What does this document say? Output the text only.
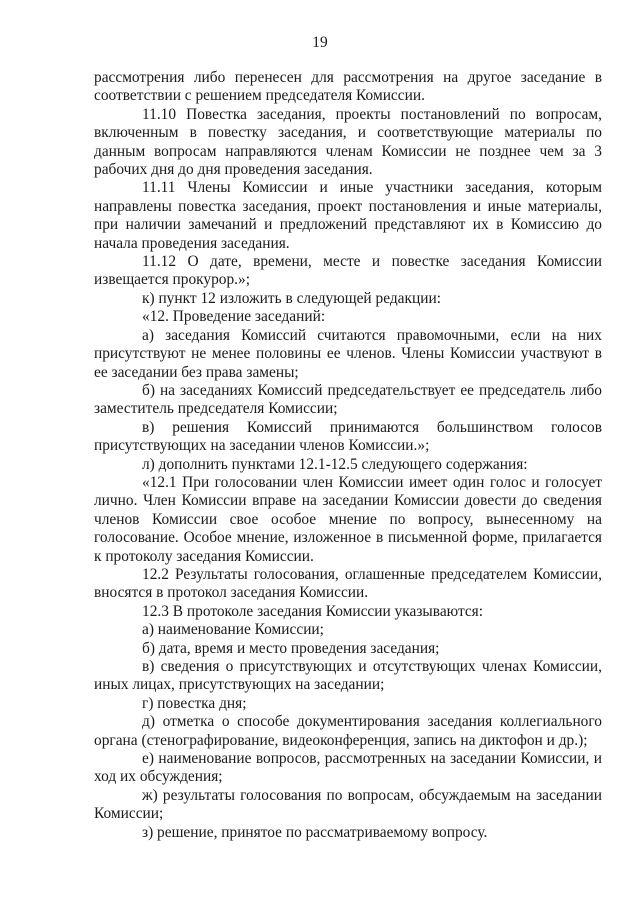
19

рассмотрения либо перенесен для рассмотрения на другое заседание в соответствии с решением председателя Комиссии.

11.10 Повестка заседания, проекты постановлений по вопросам, включенным в повестку заседания, и соответствующие материалы по данным вопросам направляются членам Комиссии не позднее чем за 3 рабочих дня до дня проведения заседания.

11.11 Члены Комиссии и иные участники заседания, которым направлены повестка заседания, проект постановления и иные материалы, при наличии замечаний и предложений представляют их в Комиссию до начала проведения заседания.

11.12 О дате, времени, месте и повестке заседания Комиссии извещается прокурор.»;

к) пункт 12 изложить в следующей редакции:

«12. Проведение заседаний:

а) заседания Комиссий считаются правомочными, если на них присутствуют не менее половины ее членов. Члены Комиссии участвуют в ее заседании без права замены;

б) на заседаниях Комиссий председательствует ее председатель либо заместитель председателя Комиссии;

в) решения Комиссий принимаются большинством голосов присутствующих на заседании членов Комиссии.»;

л) дополнить пунктами 12.1-12.5 следующего содержания:

«12.1 При голосовании член Комиссии имеет один голос и голосует лично. Член Комиссии вправе на заседании Комиссии довести до сведения членов Комиссии свое особое мнение по вопросу, вынесенному на голосование. Особое мнение, изложенное в письменной форме, прилагается к протоколу заседания Комиссии.

12.2 Результаты голосования, оглашенные председателем Комиссии, вносятся в протокол заседания Комиссии.

12.3 В протоколе заседания Комиссии указываются:

а) наименование Комиссии;

б) дата, время и место проведения заседания;

в) сведения о присутствующих и отсутствующих членах Комиссии, иных лицах, присутствующих на заседании;

г) повестка дня;

д) отметка о способе документирования заседания коллегиального органа (стенографирование, видеоконференция, запись на диктофон и др.);

е) наименование вопросов, рассмотренных на заседании Комиссии, и ход их обсуждения;

ж) результаты голосования по вопросам, обсуждаемым на заседании Комиссии;

з) решение, принятое по рассматриваемому вопросу.
